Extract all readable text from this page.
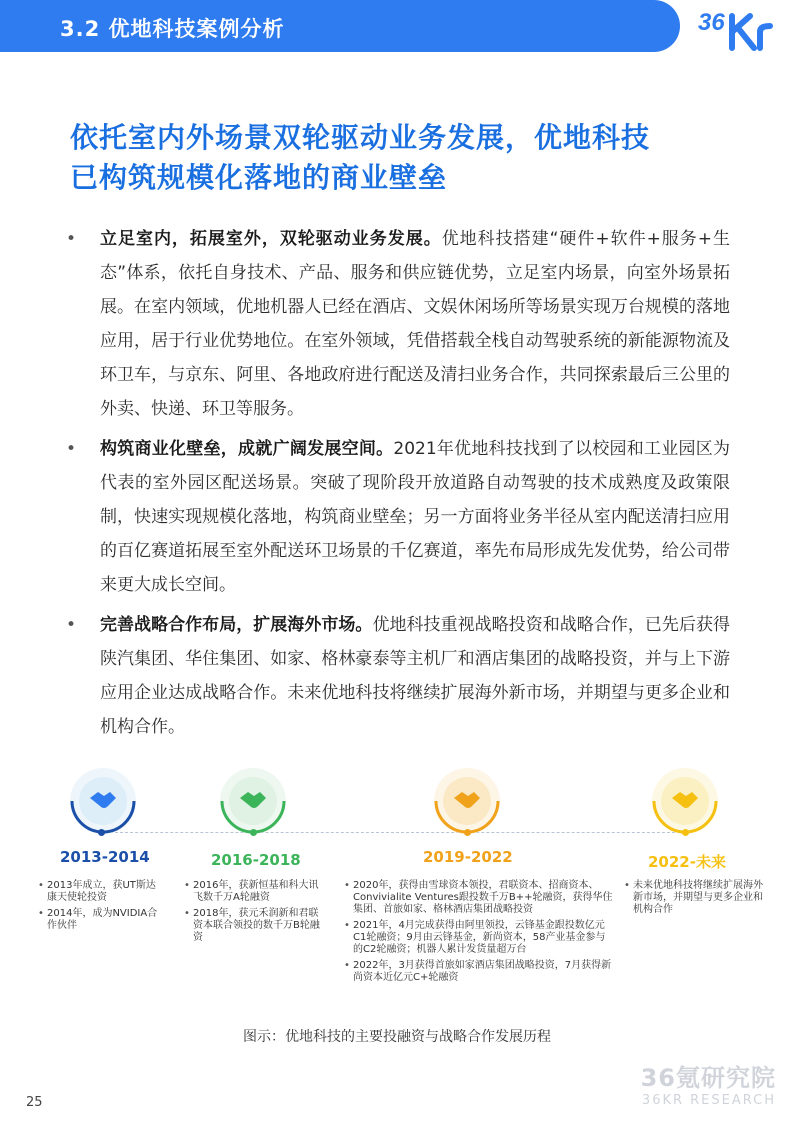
3.2 优地科技案例分析	36
依托室内外场景双轮驱动业务发展，优地科技
已构筑规模化落地的商业壁垒
• 立足室内，拓展室外，双轮驱动业务发展。优地科技搭建“硬件+软件+服务+生态”体系，依托自身技术、产品、服务和供应链优势，立足室内场景，向室外场景拓展。在室内领域，优地机器人已经在酒店、文娱休闲场所等场景实现万台规模的落地应用，居于行业优势地位。在室外领域，凭借搭载全栈自动驾驶系统的新能源物流及环卫车，与京东、阿里、各地政府进行配送及清扫业务合作，共同探索最后三公里的外卖、快递、环卫等服务。
• 构筑商业化壁垒，成就广阔发展空间。2021年优地科技找到了以校园和工业园区为代表的室外园区配送场景。突破了现阶段开放道路自动驾驶的技术成熟度及政策限制，快速实现规模化落地，构筑商业壁垒；另一方面将业务半径从室内配送清扫应用的百亿赛道拓展至室外配送环卫场景的千亿赛道，率先布局形成先发优势，给公司带来更大成长空间。
• 完善战略合作布局，扩展海外市场。优地科技重视战略投资和战略合作，已先后获得陕汽集团、华住集团、如家、格林豪泰等主机厂和酒店集团的战略投资，并与上下游应用企业达成战略合作。未来优地科技将继续扩展海外新市场，并期望与更多企业和机构合作。
2013-2014	2016-2018	2019-2022	2022-未来
• 2013年成立，获UT斯达康天使轮投资
• 2014年，成为NVIDIA合作伙伴
• 2016年，获新恒基和科大讯飞数千万A轮融资
• 2018年，获元禾润新和君联资本联合领投的数千万B轮融资
• 2020年，获得由雪球资本领投，君联资本、招商资本、Convivialite Ventures跟投数千万B++轮融资，获得华住集团、首旅如家、格林酒店集团战略投资
• 2021年，4月完成获得由阿里领投，云锋基金跟投数亿元C1轮融资；9月由云锋基金，新尚资本，58产业基金参与的C2轮融资；机器人累计发货量超万台
• 2022年，3月获得首旅如家酒店集团战略投资，7月获得新尚资本近亿元C+轮融资
• 未来优地科技将继续扩展海外新市场，并期望与更多企业和机构合作
图示：优地科技的主要投融资与战略合作发展历程
36氪研究院
36KR RESEARCH
25
